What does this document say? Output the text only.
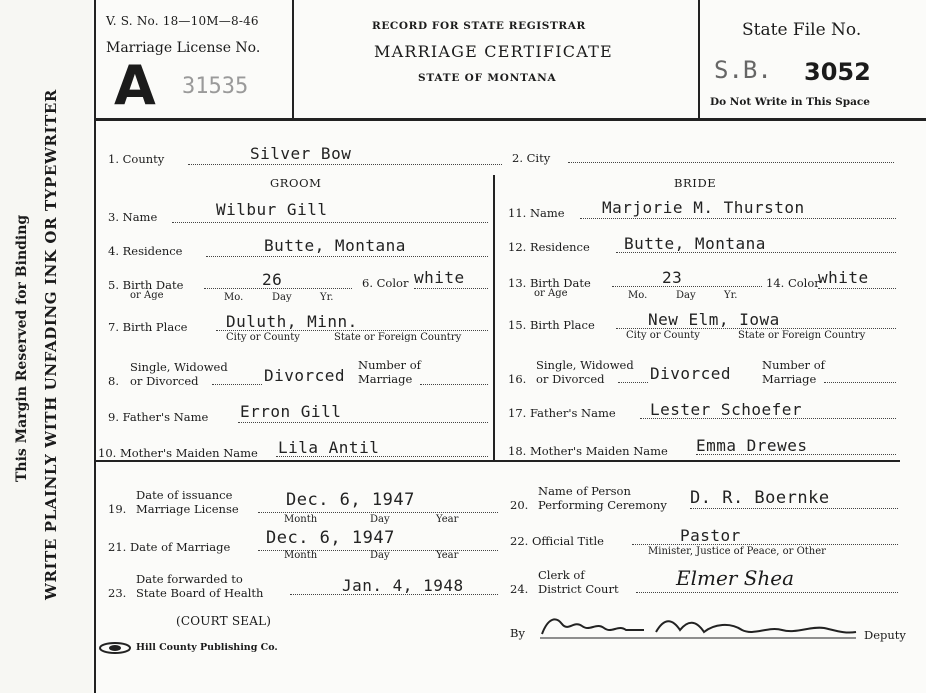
This Margin Reserved for Binding WRITE PLAINLY WITH UNFADING INK OR TYPEWRITER
V. S. No. 18—10M—8-46
Marriage License No.
A 31535
RECORD FOR STATE REGISTRAR
MARRIAGE CERTIFICATE
STATE OF MONTANA
State File No.
S.B. 3052
Do Not Write in This Space
1. County	Silver Bow	2. City
GROOM	BRIDE
3. Name	Wilbur Gill
4. Residence	Butte, Montana
5. Birth Date
or Age
26
Mo.	Day	Yr.
6. Color white
7. Birth Place Duluth, Minn.
City or County	State or Foreign Country
Single, Widowed
8. or Divorced	Divorced
Number of
Marriage
9. Father's Name Erron Gill
10. Mother's Maiden Name Lila Antil
11. Name Marjorie M. Thurston
12. Residence Butte, Montana
13. Birth Date
or Age
23
Mo.	Day	Yr.
14. Color
white
15. Birth Place	New Elm, Iowa
City or County	State or Foreign Country
Single, Widowed
16. or Divorced	Divorced	Number of
Marriage
17. Father's Name Lester Schoefer
18. Mother's Maiden Name Emma Drewes
Date of issuance
19. Marriage License	Dec. 6, 1947
Month	Day	Year
21. Date of Marriage Dec. 6, 1947
Month	Day	Year
Date forwarded to
23. State Board of Health	Jan. 4, 1948
(COURT SEAL)
Hill County Publishing Co.
Name of Person
20. Performing Ceremony D. R. Boernke
22. Official Title	Pastor
Minister, Justice of Peace, or Other
Clerk of
24. District Court	Elmer Shea
By	Deputy
